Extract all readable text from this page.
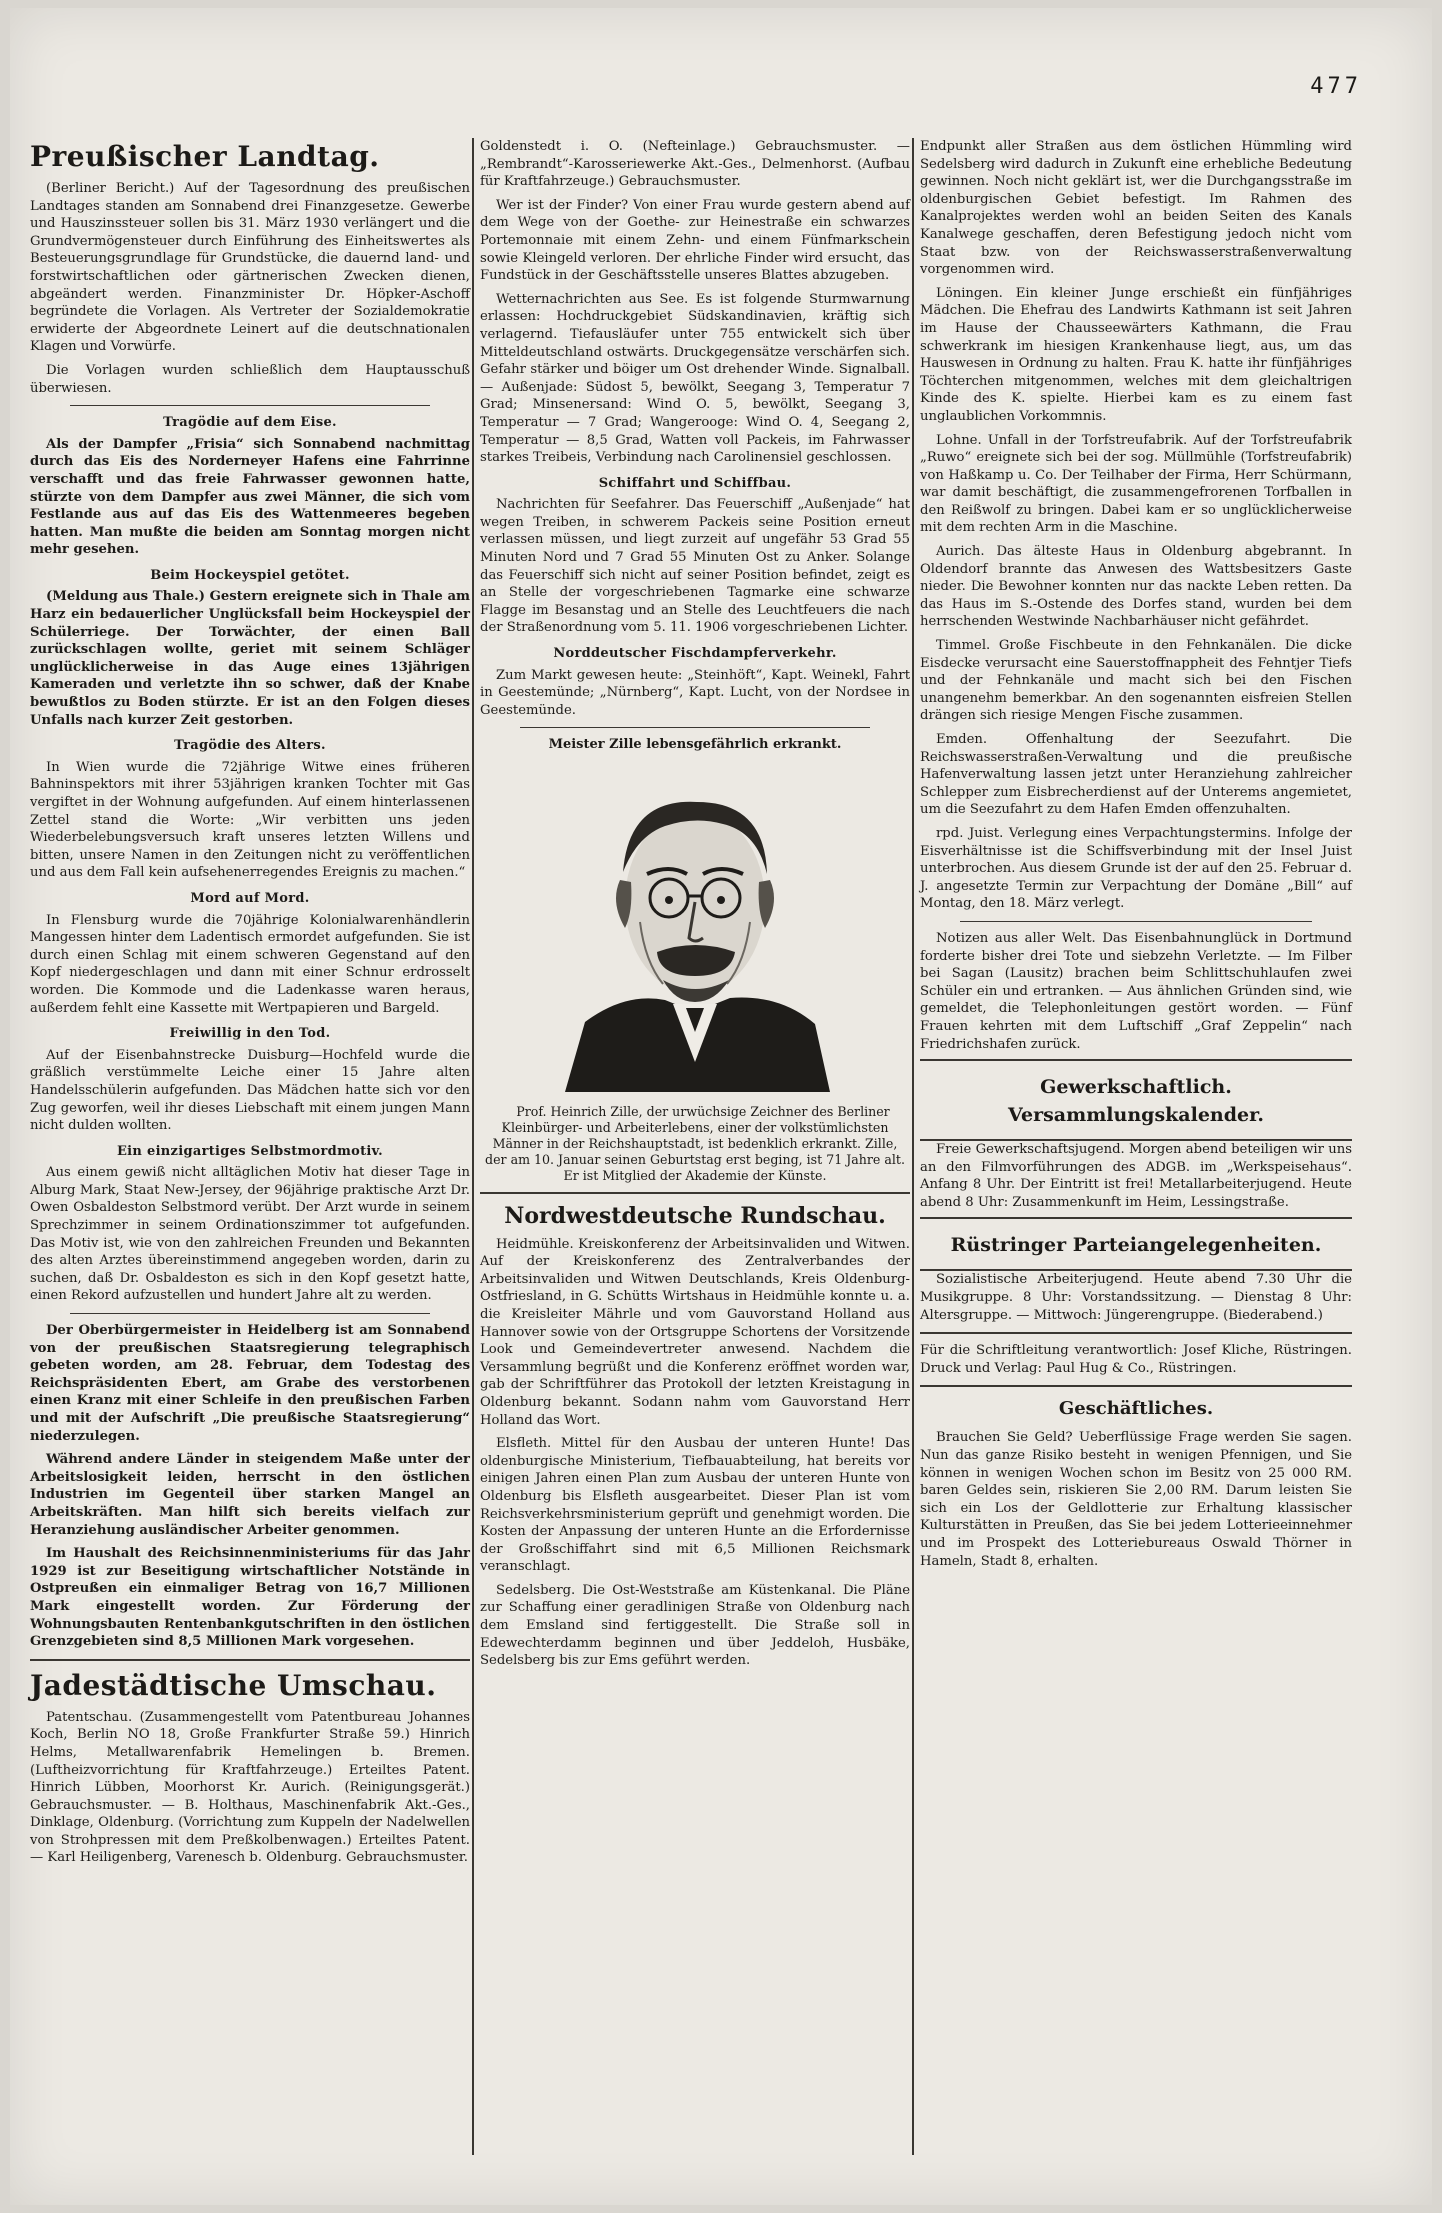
477
Preußischer Landtag.

(Berliner Bericht.) Auf der Tagesordnung des preußischen Landtages standen am Sonnabend drei Finanzgesetze. Gewerbe und Hauszinssteuer sollen bis 31. März 1930 verlängert und die Grundvermögensteuer durch Einführung des Einheitswertes als Besteuerungsgrundlage für Grundstücke, die dauernd land- und forstwirtschaftlichen oder gärtnerischen Zwecken dienen, abgeändert werden. Finanzminister Dr. Höpker-Aschoff begründete die Vorlagen. Als Vertreter der Sozialdemokratie erwiderte der Abgeordnete Leinert auf die deutschnationalen Klagen und Vorwürfe.

Die Vorlagen wurden schließlich dem Hauptausschuß überwiesen.

Tragödie auf dem Eise.

Als der Dampfer „Frisia“ sich Sonnabend nachmittag durch das Eis des Norderneyer Hafens eine Fahrrinne verschafft und das freie Fahrwasser gewonnen hatte, stürzte von dem Dampfer aus zwei Männer, die sich vom Festlande aus auf das Eis des Wattenmeeres begeben hatten. Man mußte die beiden am Sonntag morgen nicht mehr gesehen.

Beim Hockeyspiel getötet.

(Meldung aus Thale.) Gestern ereignete sich in Thale am Harz ein bedauerlicher Unglücksfall beim Hockeyspiel der Schülerriege. Der Torwächter, der einen Ball zurückschlagen wollte, geriet mit seinem Schläger unglücklicherweise in das Auge eines 13jährigen Kameraden und verletzte ihn so schwer, daß der Knabe bewußtlos zu Boden stürzte. Er ist an den Folgen dieses Unfalls nach kurzer Zeit gestorben.

Tragödie des Alters.

In Wien wurde die 72jährige Witwe eines früheren Bahninspektors mit ihrer 53jährigen kranken Tochter mit Gas vergiftet in der Wohnung aufgefunden. Auf einem hinterlassenen Zettel stand die Worte: „Wir verbitten uns jeden Wiederbelebungsversuch kraft unseres letzten Willens und bitten, unsere Namen in den Zeitungen nicht zu veröffentlichen und aus dem Fall kein aufsehenerregendes Ereignis zu machen.“

Mord auf Mord.

In Flensburg wurde die 70jährige Kolonialwarenhändlerin Mangessen hinter dem Ladentisch ermordet aufgefunden. Sie ist durch einen Schlag mit einem schweren Gegenstand auf den Kopf niedergeschlagen und dann mit einer Schnur erdrosselt worden. Die Kommode und die Ladenkasse waren heraus, außerdem fehlt eine Kassette mit Wertpapieren und Bargeld.

Freiwillig in den Tod.

Auf der Eisenbahnstrecke Duisburg—Hochfeld wurde die gräßlich verstümmelte Leiche einer 15 Jahre alten Handelsschülerin aufgefunden. Das Mädchen hatte sich vor den Zug geworfen, weil ihr dieses Liebschaft mit einem jungen Mann nicht dulden wollten.

Ein einzigartiges Selbstmordmotiv.

Aus einem gewiß nicht alltäglichen Motiv hat dieser Tage in Alburg Mark, Staat New-Jersey, der 96jährige praktische Arzt Dr. Owen Osbaldeston Selbstmord verübt. Der Arzt wurde in seinem Sprechzimmer in seinem Ordinationszimmer tot aufgefunden. Das Motiv ist, wie von den zahlreichen Freunden und Bekannten des alten Arztes übereinstimmend angegeben worden, darin zu suchen, daß Dr. Osbaldeston es sich in den Kopf gesetzt hatte, einen Rekord aufzustellen und hundert Jahre alt zu werden.

Der Oberbürgermeister in Heidelberg ist am Sonnabend von der preußischen Staatsregierung telegraphisch gebeten worden, am 28. Februar, dem Todestag des Reichspräsidenten Ebert, am Grabe des verstorbenen einen Kranz mit einer Schleife in den preußischen Farben und mit der Aufschrift „Die preußische Staatsregierung“ niederzulegen.

Während andere Länder in steigendem Maße unter der Arbeitslosigkeit leiden, herrscht in den östlichen Industrien im Gegenteil über starken Mangel an Arbeitskräften. Man hilft sich bereits vielfach zur Heranziehung ausländischer Arbeiter genommen.

Im Haushalt des Reichsinnenministeriums für das Jahr 1929 ist zur Beseitigung wirtschaftlicher Notstände in Ostpreußen ein einmaliger Betrag von 16,7 Millionen Mark eingestellt worden. Zur Förderung der Wohnungsbauten Rentenbankgutschriften in den östlichen Grenzgebieten sind 8,5 Millionen Mark vorgesehen.

Jadestädtische Umschau.

Patentschau. (Zusammengestellt vom Patentbureau Johannes Koch, Berlin NO 18, Große Frankfurter Straße 59.) Hinrich Helms, Metallwarenfabrik Hemelingen b. Bremen. (Luftheizvorrichtung für Kraftfahrzeuge.) Erteiltes Patent. Hinrich Lübben, Moorhorst Kr. Aurich. (Reinigungsgerät.) Gebrauchsmuster. — B. Holthaus, Maschinenfabrik Akt.-Ges., Dinklage, Oldenburg. (Vorrichtung zum Kuppeln der Nadelwellen von Strohpressen mit dem Preßkolbenwagen.) Erteiltes Patent. — Karl Heiligenberg, Varenesch b. Oldenburg. Gebrauchsmuster.

Goldenstedt i. O. (Nefteinlage.) Gebrauchsmuster. — „Rembrandt“-Karosseriewerke Akt.-Ges., Delmenhorst. (Aufbau für Kraftfahrzeuge.) Gebrauchsmuster.

Wer ist der Finder? Von einer Frau wurde gestern abend auf dem Wege von der Goethe- zur Heinestraße ein schwarzes Portemonnaie mit einem Zehn- und einem Fünfmarkschein sowie Kleingeld verloren. Der ehrliche Finder wird ersucht, das Fundstück in der Geschäftsstelle unseres Blattes abzugeben.

Wetternachrichten aus See. Es ist folgende Sturmwarnung erlassen: Hochdruckgebiet Südskandinavien, kräftig sich verlagernd. Tiefausläufer unter 755 entwickelt sich über Mitteldeutschland ostwärts. Druckgegensätze verschärfen sich. Gefahr stärker und böiger um Ost drehender Winde. Signalball. — Außenjade: Südost 5, bewölkt, Seegang 3, Temperatur 7 Grad; Minsenersand: Wind O. 5, bewölkt, Seegang 3, Temperatur — 7 Grad; Wangerooge: Wind O. 4, Seegang 2, Temperatur — 8,5 Grad, Watten voll Packeis, im Fahrwasser starkes Treibeis, Verbindung nach Carolinensiel geschlossen.

Schiffahrt und Schiffbau.

Nachrichten für Seefahrer. Das Feuerschiff „Außenjade“ hat wegen Treiben, in schwerem Packeis seine Position erneut verlassen müssen, und liegt zurzeit auf ungefähr 53 Grad 55 Minuten Nord und 7 Grad 55 Minuten Ost zu Anker. Solange das Feuerschiff sich nicht auf seiner Position befindet, zeigt es an Stelle der vorgeschriebenen Tagmarke eine schwarze Flagge im Besanstag und an Stelle des Leuchtfeuers die nach der Straßenordnung vom 5. 11. 1906 vorgeschriebenen Lichter.

Norddeutscher Fischdampferverkehr.

Zum Markt gewesen heute: „Steinhöft“, Kapt. Weinekl, Fahrt in Geestemünde; „Nürnberg“, Kapt. Lucht, von der Nordsee in Geestemünde.

Meister Zille lebensgefährlich erkrankt.

Prof. Heinrich Zille, der urwüchsige Zeichner des Berliner Kleinbürger- und Arbeiterlebens, einer der volkstümlichsten Männer in der Reichshauptstadt, ist bedenklich erkrankt. Zille, der am 10. Januar seinen Geburtstag erst beging, ist 71 Jahre alt. Er ist Mitglied der Akademie der Künste.

Nordwestdeutsche Rundschau.

Heidmühle. Kreiskonferenz der Arbeitsinvaliden und Witwen. Auf der Kreiskonferenz des Zentralverbandes der Arbeitsinvaliden und Witwen Deutschlands, Kreis Oldenburg-Ostfriesland, in G. Schütts Wirtshaus in Heidmühle konnte u. a. die Kreisleiter Mährle und vom Gauvorstand Holland aus Hannover sowie von der Ortsgruppe Schortens der Vorsitzende Look und Gemeindevertreter anwesend. Nachdem die Versammlung begrüßt und die Konferenz eröffnet worden war, gab der Schriftführer das Protokoll der letzten Kreistagung in Oldenburg bekannt. Sodann nahm vom Gauvorstand Herr Holland das Wort.

Elsfleth. Mittel für den Ausbau der unteren Hunte! Das oldenburgische Ministerium, Tiefbauabteilung, hat bereits vor einigen Jahren einen Plan zum Ausbau der unteren Hunte von Oldenburg bis Elsfleth ausgearbeitet. Dieser Plan ist vom Reichsverkehrsministerium geprüft und genehmigt worden. Die Kosten der Anpassung der unteren Hunte an die Erfordernisse der Großschiffahrt sind mit 6,5 Millionen Reichsmark veranschlagt.

Sedelsberg. Die Ost-Weststraße am Küstenkanal. Die Pläne zur Schaffung einer geradlinigen Straße von Oldenburg nach dem Emsland sind fertiggestellt. Die Straße soll in Edewechterdamm beginnen und über Jeddeloh, Husbäke, Sedelsberg bis zur Ems geführt werden.

Endpunkt aller Straßen aus dem östlichen Hümmling wird Sedelsberg wird dadurch in Zukunft eine erhebliche Bedeutung gewinnen. Noch nicht geklärt ist, wer die Durchgangsstraße im oldenburgischen Gebiet befestigt. Im Rahmen des Kanalprojektes werden wohl an beiden Seiten des Kanals Kanalwege geschaffen, deren Befestigung jedoch nicht vom Staat bzw. von der Reichswasserstraßenverwaltung vorgenommen wird.

Löningen. Ein kleiner Junge erschießt ein fünfjähriges Mädchen. Die Ehefrau des Landwirts Kathmann ist seit Jahren im Hause der Chausseewärters Kathmann, die Frau schwerkrank im hiesigen Krankenhause liegt, aus, um das Hauswesen in Ordnung zu halten. Frau K. hatte ihr fünfjähriges Töchterchen mitgenommen, welches mit dem gleichaltrigen Kinde des K. spielte. Hierbei kam es zu einem fast unglaublichen Vorkommnis.

Lohne. Unfall in der Torfstreufabrik. Auf der Torfstreufabrik „Ruwo“ ereignete sich bei der sog. Müllmühle (Torfstreufabrik) von Haßkamp u. Co. Der Teilhaber der Firma, Herr Schürmann, war damit beschäftigt, die zusammengefrorenen Torfballen in den Reißwolf zu bringen. Dabei kam er so unglücklicherweise mit dem rechten Arm in die Maschine.

Aurich. Das älteste Haus in Oldenburg abgebrannt. In Oldendorf brannte das Anwesen des Wattsbesitzers Gaste nieder. Die Bewohner konnten nur das nackte Leben retten. Da das Haus im S.-Ostende des Dorfes stand, wurden bei dem herrschenden Westwinde Nachbarhäuser nicht gefährdet.

Timmel. Große Fischbeute in den Fehnkanälen. Die dicke Eisdecke verursacht eine Sauerstoffnappheit des Fehntjer Tiefs und der Fehnkanäle und macht sich bei den Fischen unangenehm bemerkbar. An den sogenannten eisfreien Stellen drängen sich riesige Mengen Fische zusammen.

Emden. Offenhaltung der Seezufahrt. Die Reichswasserstraßen-Verwaltung und die preußische Hafenverwaltung lassen jetzt unter Heranziehung zahlreicher Schlepper zum Eisbrecherdienst auf der Unterems angemietet, um die Seezufahrt zu dem Hafen Emden offenzuhalten.

rpd. Juist. Verlegung eines Verpachtungstermins. Infolge der Eisverhältnisse ist die Schiffsverbindung mit der Insel Juist unterbrochen. Aus diesem Grunde ist der auf den 25. Februar d. J. angesetzte Termin zur Verpachtung der Domäne „Bill“ auf Montag, den 18. März verlegt.

Notizen aus aller Welt. Das Eisenbahnunglück in Dortmund forderte bisher drei Tote und siebzehn Verletzte. — Im Filber bei Sagan (Lausitz) brachen beim Schlittschuhlaufen zwei Schüler ein und ertranken. — Aus ähnlichen Gründen sind, wie gemeldet, die Telephonleitungen gestört worden. — Fünf Frauen kehrten mit dem Luftschiff „Graf Zeppelin“ nach Friedrichshafen zurück.

Gewerkschaftlich. Versammlungskalender.

Freie Gewerkschaftsjugend. Morgen abend beteiligen wir uns an den Filmvorführungen des ADGB. im „Werkspeisehaus“. Anfang 8 Uhr. Der Eintritt ist frei! Metallarbeiterjugend. Heute abend 8 Uhr: Zusammenkunft im Heim, Lessingstraße.

Rüstringer Parteiangelegenheiten.

Sozialistische Arbeiterjugend. Heute abend 7.30 Uhr die Musikgruppe. 8 Uhr: Vorstandssitzung. — Dienstag 8 Uhr: Altersgruppe. — Mittwoch: Jüngerengruppe. (Biederabend.)

Für die Schriftleitung verantwortlich: Josef Kliche, Rüstringen. Druck und Verlag: Paul Hug & Co., Rüstringen.

Geschäftliches.

Brauchen Sie Geld? Ueberflüssige Frage werden Sie sagen. Nun das ganze Risiko besteht in wenigen Pfennigen, und Sie können in wenigen Wochen schon im Besitz von 25 000 RM. baren Geldes sein, riskieren Sie 2,00 RM. Darum leisten Sie sich ein Los der Geldlotterie zur Erhaltung klassischer Kulturstätten in Preußen, das Sie bei jedem Lotterieeinnehmer und im Prospekt des Lotteriebureaus Oswald Thörner in Hameln, Stadt 8, erhalten.
